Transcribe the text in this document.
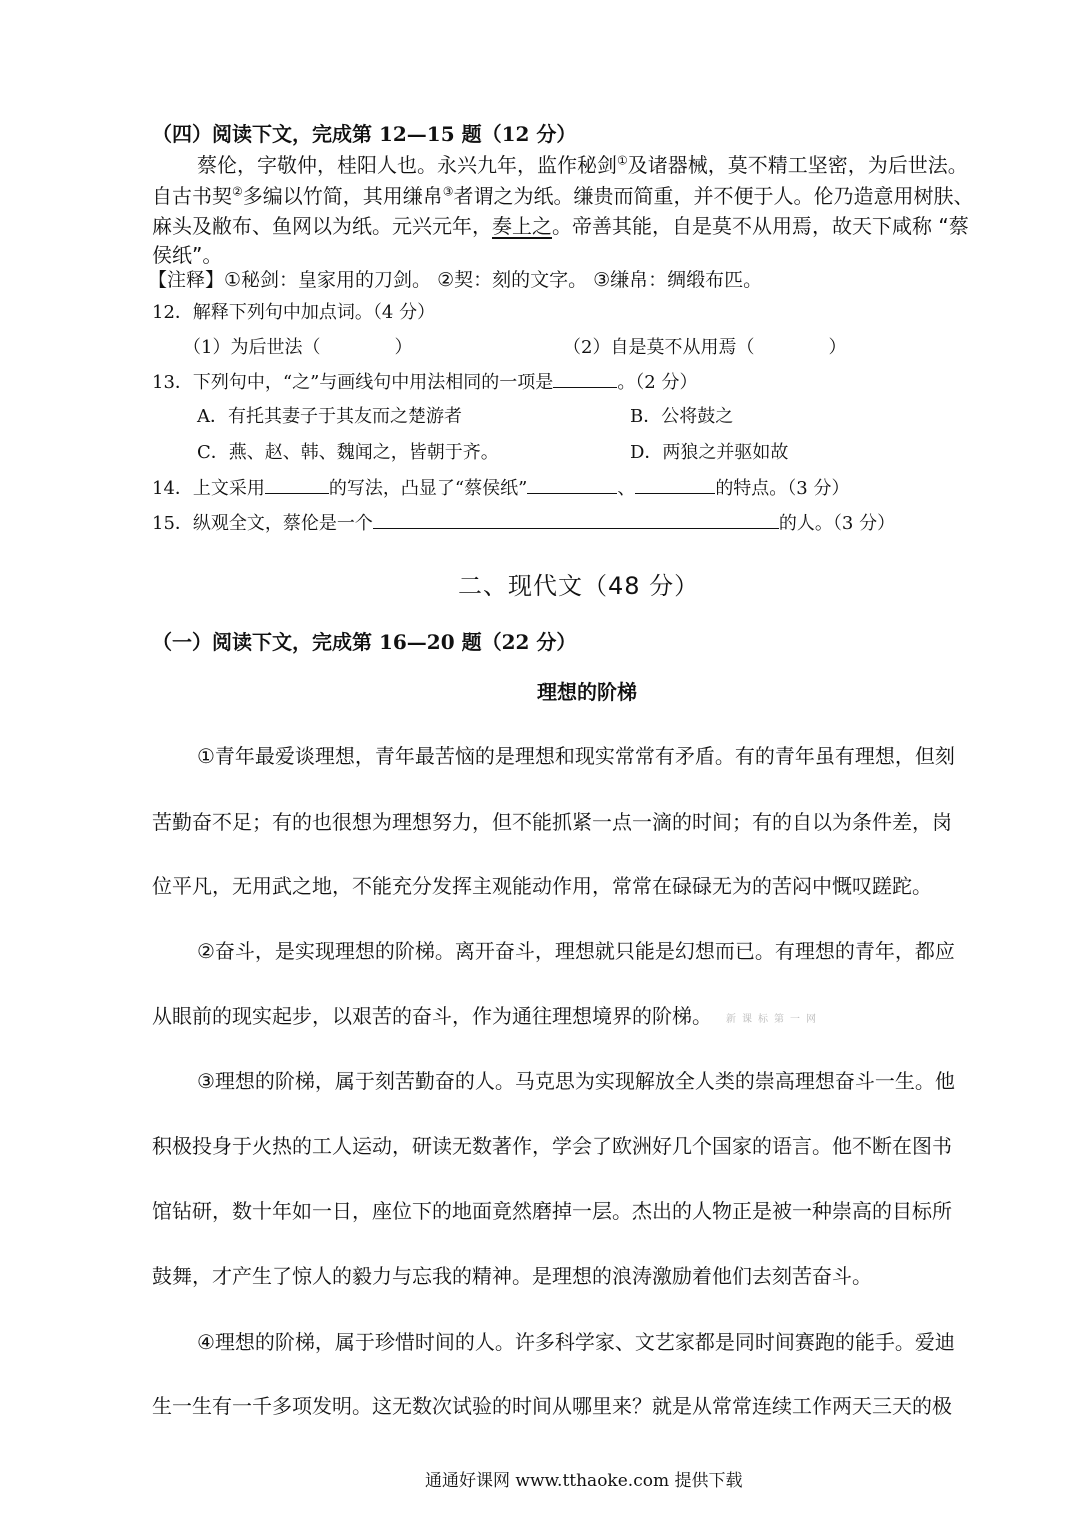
（四）阅读下文，完成第 12—15 题（12 分）
蔡伦，字敬仲，桂阳人也。永兴九年，监作秘剑①及诸器械，莫不精工坚密，为后世法。
自古书契②多编以竹简，其用缣帛③者谓之为纸。缣贵而简重，并不便于人。伦乃造意用树肤、
麻头及敝布、鱼网以为纸。元兴元年，奏上之。帝善其能，自是莫不从用焉，故天下咸称 “蔡
侯纸”。
【注释】①秘剑：皇家用的刀剑。 ②契：刻的文字。 ③缣帛：绸缎布匹。
12．解释下列句中加点词。（4 分）
（1）为后世法（	）	（2）自是莫不从用焉（	）
13．下列句中，“之”与画线句中用法相同的一项是	。（2 分）
A．有托其妻子于其友而之楚游者	B．公将鼓之
C．燕、赵、韩、魏闻之，皆朝于齐。	D．两狼之并驱如故
14．上文采用	的写法，凸显了“蔡侯纸”	、	的特点。（3 分）
15．纵观全文，蔡伦是一个	的人。（3 分）
二、现代文（48 分）
（一）阅读下文，完成第 16—20 题（22 分）
理想的阶梯
①青年最爱谈理想，青年最苦恼的是理想和现实常常有矛盾。有的青年虽有理想，但刻
苦勤奋不足；有的也很想为理想努力，但不能抓紧一点一滴的时间；有的自以为条件差，岗
位平凡，无用武之地，不能充分发挥主观能动作用，常常在碌碌无为的苦闷中慨叹蹉跎。
②奋斗，是实现理想的阶梯。离开奋斗，理想就只能是幻想而已。有理想的青年，都应
从眼前的现实起步，以艰苦的奋斗，作为通往理想境界的阶梯。 新课标第一网
③理想的阶梯，属于刻苦勤奋的人。马克思为实现解放全人类的崇高理想奋斗一生。他
积极投身于火热的工人运动，研读无数著作，学会了欧洲好几个国家的语言。他不断在图书
馆钻研，数十年如一日，座位下的地面竟然磨掉一层。杰出的人物正是被一种崇高的目标所
鼓舞，才产生了惊人的毅力与忘我的精神。是理想的浪涛激励着他们去刻苦奋斗。
④理想的阶梯，属于珍惜时间的人。许多科学家、文艺家都是同时间赛跑的能手。爱迪
生一生有一千多项发明。这无数次试验的时间从哪里来？就是从常常连续工作两天三天的极
通通好课网 www.tthaoke.com 提供下载
